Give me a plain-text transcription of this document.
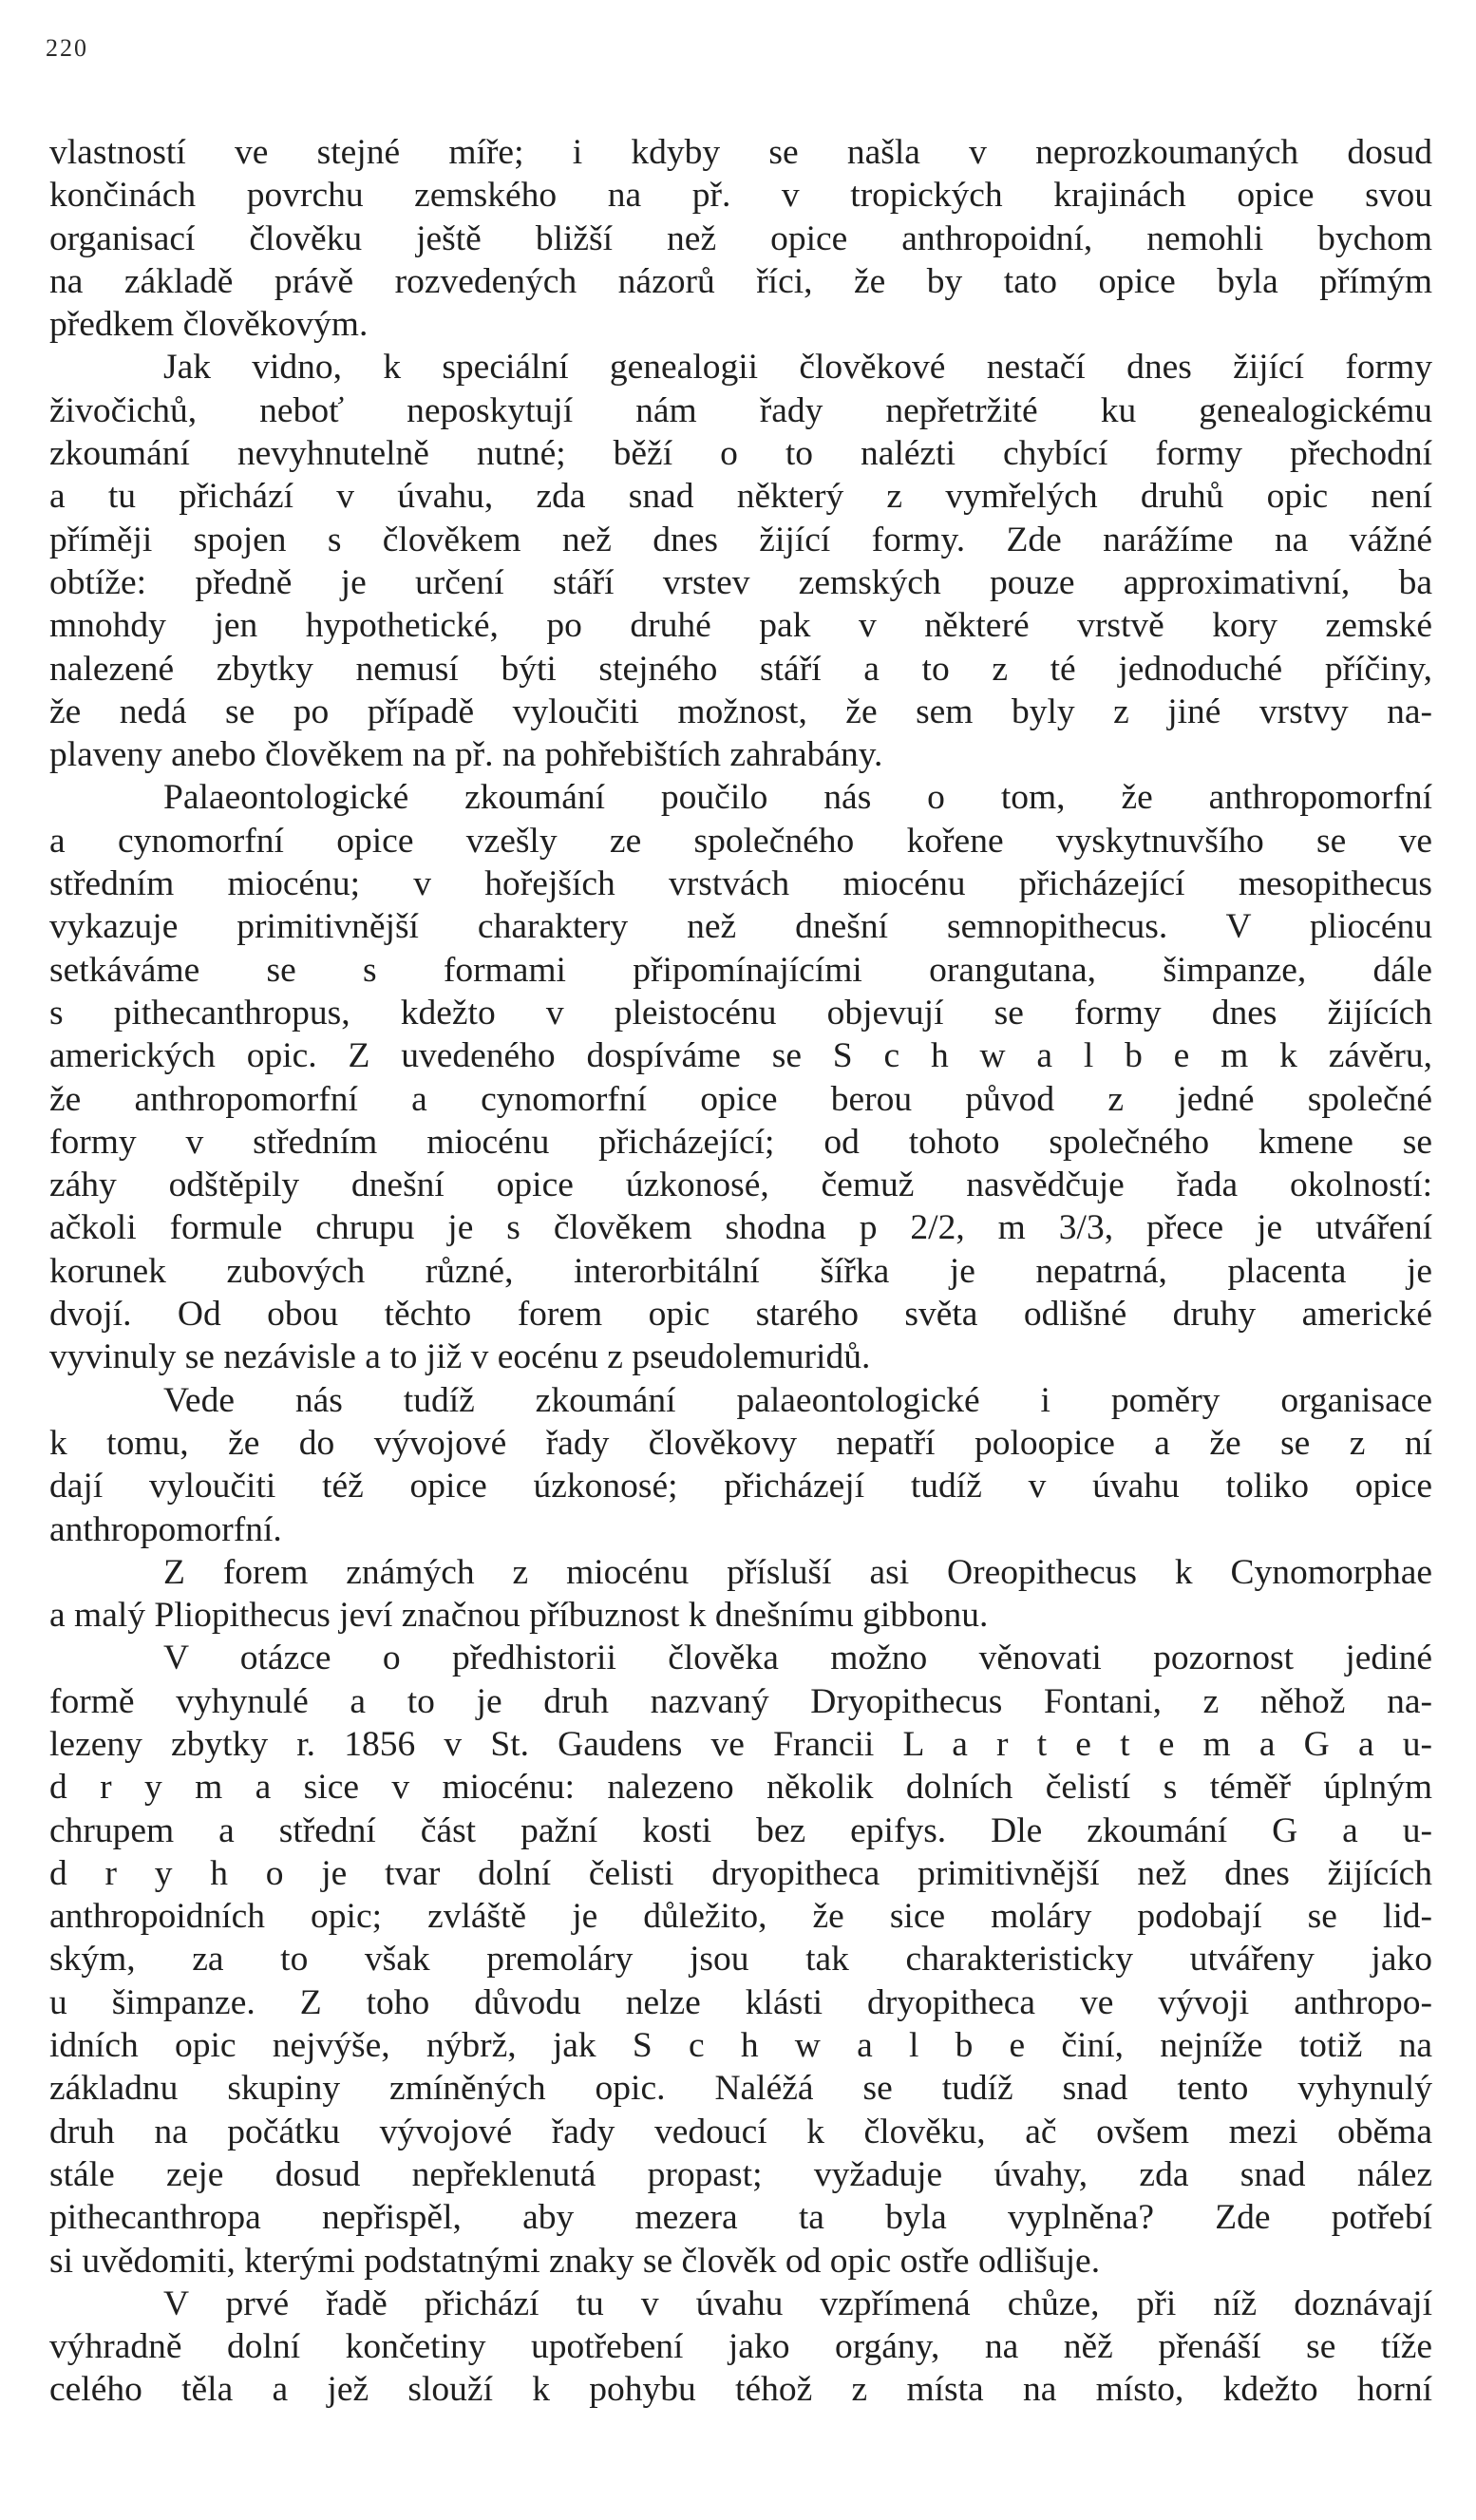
220
vlastností ve stejné míře; i kdyby se našla v neprozkoumaných dosud
končinách povrchu zemského na př. v tropických krajinách opice svou
organisací člověku ještě bližší než opice anthropoidní, nemohli bychom
na základě právě rozvedených názorů říci, že by tato opice byla přímým
předkem člověkovým.
Jak vidno, k speciální genealogii člověkové nestačí dnes žijící formy
živočichů, neboť neposkytují nám řady nepřetržité ku genealogickému
zkoumání nevyhnutelně nutné; běží o to nalézti chybící formy přechodní
a tu přichází v úvahu, zda snad některý z vymřelých druhů opic není
příměji spojen s člověkem než dnes žijící formy. Zde narážíme na vážné
obtíže: předně je určení stáří vrstev zemských pouze approximativní, ba
mnohdy jen hypothetické, po druhé pak v některé vrstvě kory zemské
nalezené zbytky nemusí býti stejného stáří a to z té jednoduché příčiny,
že nedá se po případě vyloučiti možnost, že sem byly z jiné vrstvy na-
plaveny anebo člověkem na př. na pohřebištích zahrabány.
Palaeontologické zkoumání poučilo nás o tom, že anthropomorfní
a cynomorfní opice vzešly ze společného kořene vyskytnuvšího se ve
středním miocénu; v hořejších vrstvách miocénu přicházející mesopithecus
vykazuje primitivnější charaktery než dnešní semnopithecus. V pliocénu
setkáváme se s formami připomínajícími orangutana, šimpanze, dále
s pithecanthropus, kdežto v pleistocénu objevují se formy dnes žijících
amerických opic. Z uvedeného dospíváme se S c h w a l b e m k závěru,
že anthropomorfní a cynomorfní opice berou původ z jedné společné
formy v středním miocénu přicházející; od tohoto společného kmene se
záhy odštěpily dnešní opice úzkonosé, čemuž nasvědčuje řada okolností:
ačkoli formule chrupu je s člověkem shodna p 2/2, m 3/3, přece je utváření
korunek zubových různé, interorbitální šířka je nepatrná, placenta je
dvojí. Od obou těchto forem opic starého světa odlišné druhy americké
vyvinuly se nezávisle a to již v eocénu z pseudolemuridů.
Vede nás tudíž zkoumání palaeontologické i poměry organisace
k tomu, že do vývojové řady člověkovy nepatří poloopice a že se z ní
dají vyloučiti též opice úzkonosé; přicházejí tudíž v úvahu toliko opice
anthropomorfní.
Z forem známých z miocénu přísluší asi Oreopithecus k Cynomorphae
a malý Pliopithecus jeví značnou příbuznost k dnešnímu gibbonu.
V otázce o předhistorii člověka možno věnovati pozornost jediné
formě vyhynulé a to je druh nazvaný Dryopithecus Fontani, z něhož na-
lezeny zbytky r. 1856 v St. Gaudens ve Francii L a r t e t e m a G a u-
d r y m a sice v miocénu: nalezeno několik dolních čelistí s téměř úplným
chrupem a střední část pažní kosti bez epifys. Dle zkoumání G a u-
d r y h o je tvar dolní čelisti dryopitheca primitivnější než dnes žijících
anthropoidních opic; zvláště je důležito, že sice moláry podobají se lid-
ským, za to však premoláry jsou tak charakteristicky utvářeny jako
u šimpanze. Z toho důvodu nelze klásti dryopitheca ve vývoji anthropo-
idních opic nejvýše, nýbrž, jak S c h w a l b e činí, nejníže totiž na
základnu skupiny zmíněných opic. Naléžá se tudíž snad tento vyhynulý
druh na počátku vývojové řady vedoucí k člověku, ač ovšem mezi oběma
stále zeje dosud nepřeklenutá propast; vyžaduje úvahy, zda snad nález
pithecanthropa nepřispěl, aby mezera ta byla vyplněna? Zde potřebí
si uvědomiti, kterými podstatnými znaky se člověk od opic ostře odlišuje.
V prvé řadě přichází tu v úvahu vzpřímená chůze, při níž doznávají
výhradně dolní končetiny upotřebení jako orgány, na něž přenáší se tíže
celého těla a jež slouží k pohybu téhož z místa na místo, kdežto horní
